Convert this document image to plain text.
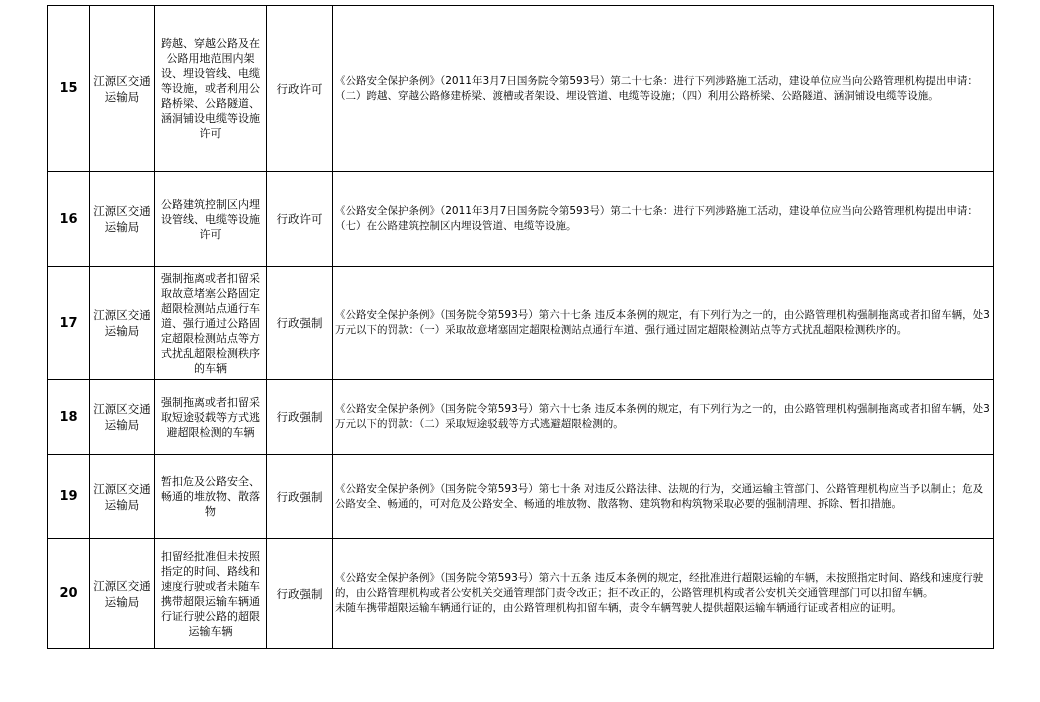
15	江源区交通运输局	跨越、穿越公路及在公路用地范围内架设、埋设管线、电缆等设施，或者利用公路桥梁、公路隧道、涵洞铺设电缆等设施许可	行政许可	《公路安全保护条例》（2011年3月7日国务院令第593号）第二十七条：进行下列涉路施工活动，建设单位应当向公路管理机构提出申请：（二）跨越、穿越公路修建桥梁、渡槽或者架设、埋设管道、电缆等设施；（四）利用公路桥梁、公路隧道、涵洞铺设电缆等设施。

16	江源区交通运输局	公路建筑控制区内埋设管线、电缆等设施许可	行政许可	《公路安全保护条例》（2011年3月7日国务院令第593号）第二十七条：进行下列涉路施工活动，建设单位应当向公路管理机构提出申请：（七）在公路建筑控制区内埋设管道、电缆等设施。

17	江源区交通运输局	强制拖离或者扣留采取故意堵塞公路固定超限检测站点通行车道、强行通过公路固定超限检测站点等方式扰乱超限检测秩序的车辆	行政强制	《公路安全保护条例》（国务院令第593号）第六十七条 违反本条例的规定，有下列行为之一的，由公路管理机构强制拖离或者扣留车辆，处3万元以下的罚款：（一）采取故意堵塞固定超限检测站点通行车道、强行通过固定超限检测站点等方式扰乱超限检测秩序的。

18	江源区交通运输局	强制拖离或者扣留采取短途驳载等方式逃避超限检测的车辆	行政强制	《公路安全保护条例》（国务院令第593号）第六十七条 违反本条例的规定，有下列行为之一的，由公路管理机构强制拖离或者扣留车辆，处3万元以下的罚款：（二）采取短途驳载等方式逃避超限检测的。

19	江源区交通运输局	暂扣危及公路安全、畅通的堆放物、散落物	行政强制	《公路安全保护条例》（国务院令第593号）第七十条 对违反公路法律、法规的行为，交通运输主管部门、公路管理机构应当予以制止；危及公路安全、畅通的，可对危及公路安全、畅通的堆放物、散落物、建筑物和构筑物采取必要的强制清理、拆除、暂扣措施。

20	江源区交通运输局	扣留经批准但未按照指定的时间、路线和速度行驶或者未随车携带超限运输车辆通行证行驶公路的超限运输车辆	行政强制	《公路安全保护条例》（国务院令第593号）第六十五条 违反本条例的规定，经批准进行超限运输的车辆，未按照指定时间、路线和速度行驶的，由公路管理机构或者公安机关交通管理部门责令改正；拒不改正的，公路管理机构或者公安机关交通管理部门可以扣留车辆。
未随车携带超限运输车辆通行证的，由公路管理机构扣留车辆，责令车辆驾驶人提供超限运输车辆通行证或者相应的证明。
